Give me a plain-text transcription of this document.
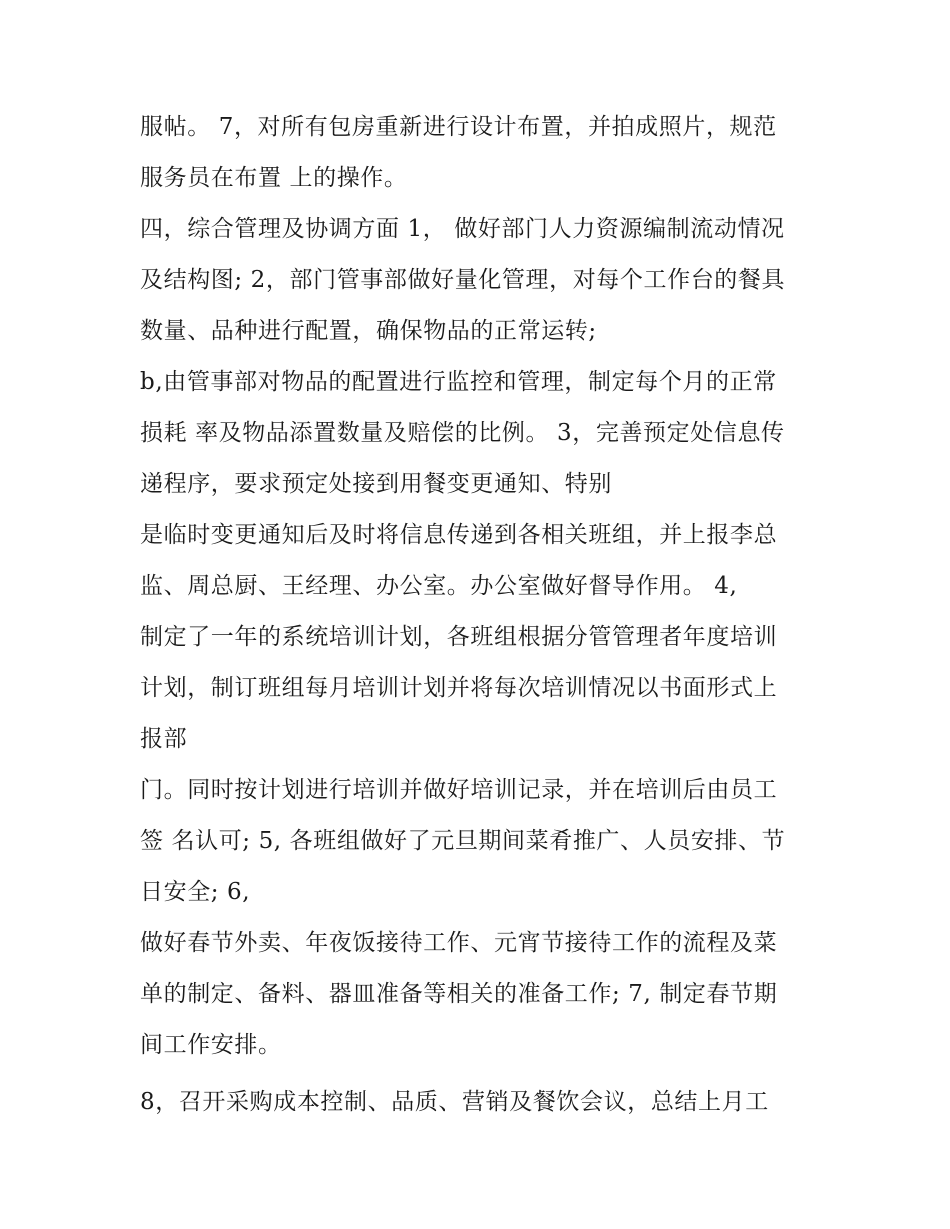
服帖。 7，对所有包房重新进行设计布置，并拍成照片，规范
服务员在布置 上的操作。
四，综合管理及协调方面 1， 做好部门人力资源编制流动情况
及结构图; 2，部门管事部做好量化管理，对每个工作台的餐具
数量、品种进行配置，确保物品的正常运转;
b,由管事部对物品的配置进行监控和管理，制定每个月的正常
损耗 率及物品添置数量及赔偿的比例。 3，完善预定处信息传
递程序，要求预定处接到用餐变更通知、特别
是临时变更通知后及时将信息传递到各相关班组，并上报李总
监、周总厨、王经理、办公室。办公室做好督导作用。 4,
制定了一年的系统培训计划，各班组根据分管管理者年度培训
计划，制订班组每月培训计划并将每次培训情况以书面形式上
报部
门。同时按计划进行培训并做好培训记录，并在培训后由员工
签 名认可; 5, 各班组做好了元旦期间菜肴推广、人员安排、节
日安全; 6,
做好春节外卖、年夜饭接待工作、元宵节接待工作的流程及菜
单的制定、备料、器皿准备等相关的准备工作; 7, 制定春节期
间工作安排。
8，召开采购成本控制、品质、营销及餐饮会议，总结上月工
